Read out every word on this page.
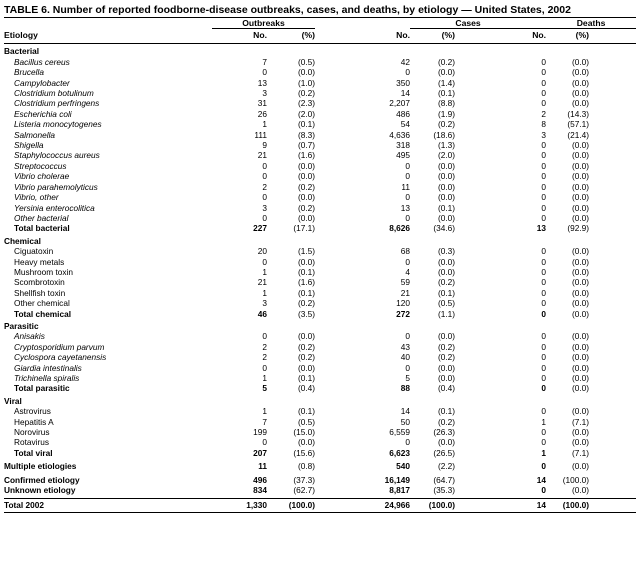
TABLE 6. Number of reported foodborne-disease outbreaks, cases, and deaths, by etiology — United States, 2002

	Outbreaks			Cases		Deaths		

Etiology	No.	(%)	No.	(%)	No.	(%)		

Bacterial								
Bacillus cereus	7	(0.5)	42	(0.2)	0	(0.0)		
Brucella	0	(0.0)	0	(0.0)	0	(0.0)		
Campylobacter	13	(1.0)	350	(1.4)	0	(0.0)		
Clostridium botulinum	3	(0.2)	14	(0.1)	0	(0.0)		
Clostridium perfringens	31	(2.3)	2,207	(8.8)	0	(0.0)		
Escherichia coli	26	(2.0)	486	(1.9)	2	(14.3)		
Listeria monocytogenes	1	(0.1)	54	(0.2)	8	(57.1)		
Salmonella	111	(8.3)	4,636	(18.6)	3	(21.4)		
Shigella	9	(0.7)	318	(1.3)	0	(0.0)		
Staphylococcus aureus	21	(1.6)	495	(2.0)	0	(0.0)		
Streptococcus	0	(0.0)	0	(0.0)	0	(0.0)		
Vibrio cholerae	0	(0.0)	0	(0.0)	0	(0.0)		
Vibrio parahemolyticus	2	(0.2)	11	(0.0)	0	(0.0)		
Vibrio, other	0	(0.0)	0	(0.0)	0	(0.0)		
Yersinia enterocolitica	3	(0.2)	13	(0.1)	0	(0.0)		
Other bacterial	0	(0.0)	0	(0.0)	0	(0.0)		
Total bacterial	227	(17.1)	8,626	(34.6)	13	(92.9)		
Chemical								
Ciguatoxin	20	(1.5)	68	(0.3)	0	(0.0)		
Heavy metals	0	(0.0)	0	(0.0)	0	(0.0)		
Mushroom toxin	1	(0.1)	4	(0.0)	0	(0.0)		
Scombrotoxin	21	(1.6)	59	(0.2)	0	(0.0)		
Shellfish toxin	1	(0.1)	21	(0.1)	0	(0.0)		
Other chemical	3	(0.2)	120	(0.5)	0	(0.0)		
Total chemical	46	(3.5)	272	(1.1)	0	(0.0)		
Parasitic								
Anisakis	0	(0.0)	0	(0.0)	0	(0.0)		
Cryptosporidium parvum	2	(0.2)	43	(0.2)	0	(0.0)		
Cyclospora cayetanensis	2	(0.2)	40	(0.2)	0	(0.0)		
Giardia intestinalis	0	(0.0)	0	(0.0)	0	(0.0)		
Trichinella spiralis	1	(0.1)	5	(0.0)	0	(0.0)		
Total parasitic	5	(0.4)	88	(0.4)	0	(0.0)		
Viral								
Astrovirus	1	(0.1)	14	(0.1)	0	(0.0)		
Hepatitis A	7	(0.5)	50	(0.2)	1	(7.1)		
Norovirus	199	(15.0)	6,559	(26.3)	0	(0.0)		
Rotavirus	0	(0.0)	0	(0.0)	0	(0.0)		
Total viral	207	(15.6)	6,623	(26.5)	1	(7.1)		

Multiple etiologies	11	(0.8)	540	(2.2)	0	(0.0)		

Confirmed etiology	496	(37.3)	16,149	(64.7)	14	(100.0)		
Unknown etiology	834	(62.7)	8,817	(35.3)	0	(0.0)		

Total 2002	1,330	(100.0)	24,966	(100.0)	14	(100.0)		
